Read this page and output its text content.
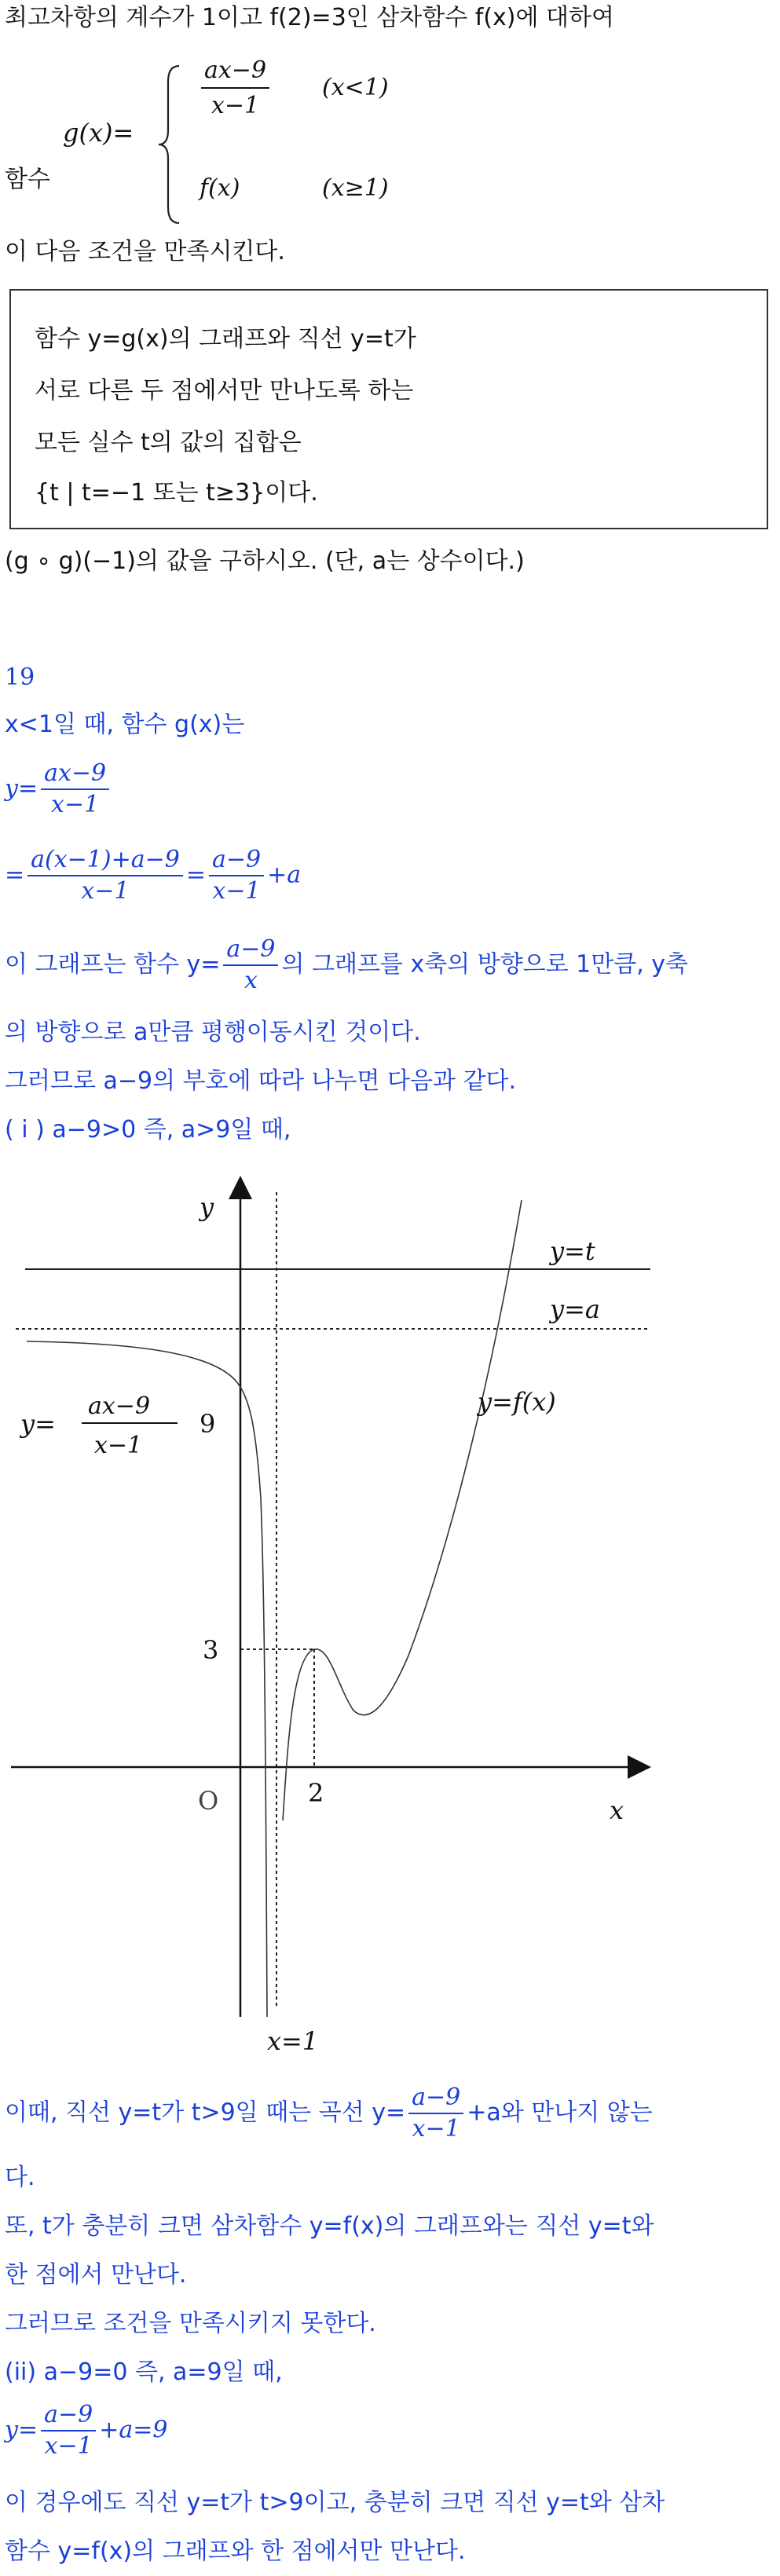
최고차항의 계수가 1이고 f(2)=3인 삼차함수 f(x)에 대하여
g(x)=
$\frac{ax-9}{x-1} (x<1)$
f(x)	(x≥1)
함수
이 다음 조건을 만족시킨다.
함수 y=g(x)의 그래프와 직선 y=t가
서로 다른 두 점에서만 만나도록 하는
모든 실수 t의 값의 집합은
{t | t=−1 또는 t≥3}이다.
(g ∘ g)(−1)의 값을 구하시오. (단, a는 상수이다.)
19
x<1일 때, 함수 g(x)는
$y= \frac{ax-9}{x-1}$
= $\frac{a(x-1)+a-9}{x-1} = \frac{a-9}{x-1} +a$
이 그래프는 함수 $y= \frac{a-9}{x}$ 의 그래프를 x축의 방향으로 1만큼, y축
의 방향으로 a만큼 평행이동시킨 것이다.
그러므로 a−9의 부호에 따라 나누면 다음과 같다.
( i ) a−9>0 즉, a>9일 때,
y
x
O
y=t
y=a
y=f(x)
y=
ax−9
x−1
9
3
2
x=1
이때, 직선 y=t가 t>9일 때는 곡선 $y= \frac{a-9}{x-1} +a$와 만나지 않는
다.
또, t가 충분히 크면 삼차함수 y=f(x)의 그래프와는 직선 y=t와
한 점에서 만난다.
그러므로 조건을 만족시키지 못한다.
(ii) a−9=0 즉, a=9일 때,
$y= \frac{a-9}{x-1} +a=9$
이 경우에도 직선 y=t가 t>9이고, 충분히 크면 직선 y=t와 삼차
함수 y=f(x)의 그래프와 한 점에서만 만난다.
